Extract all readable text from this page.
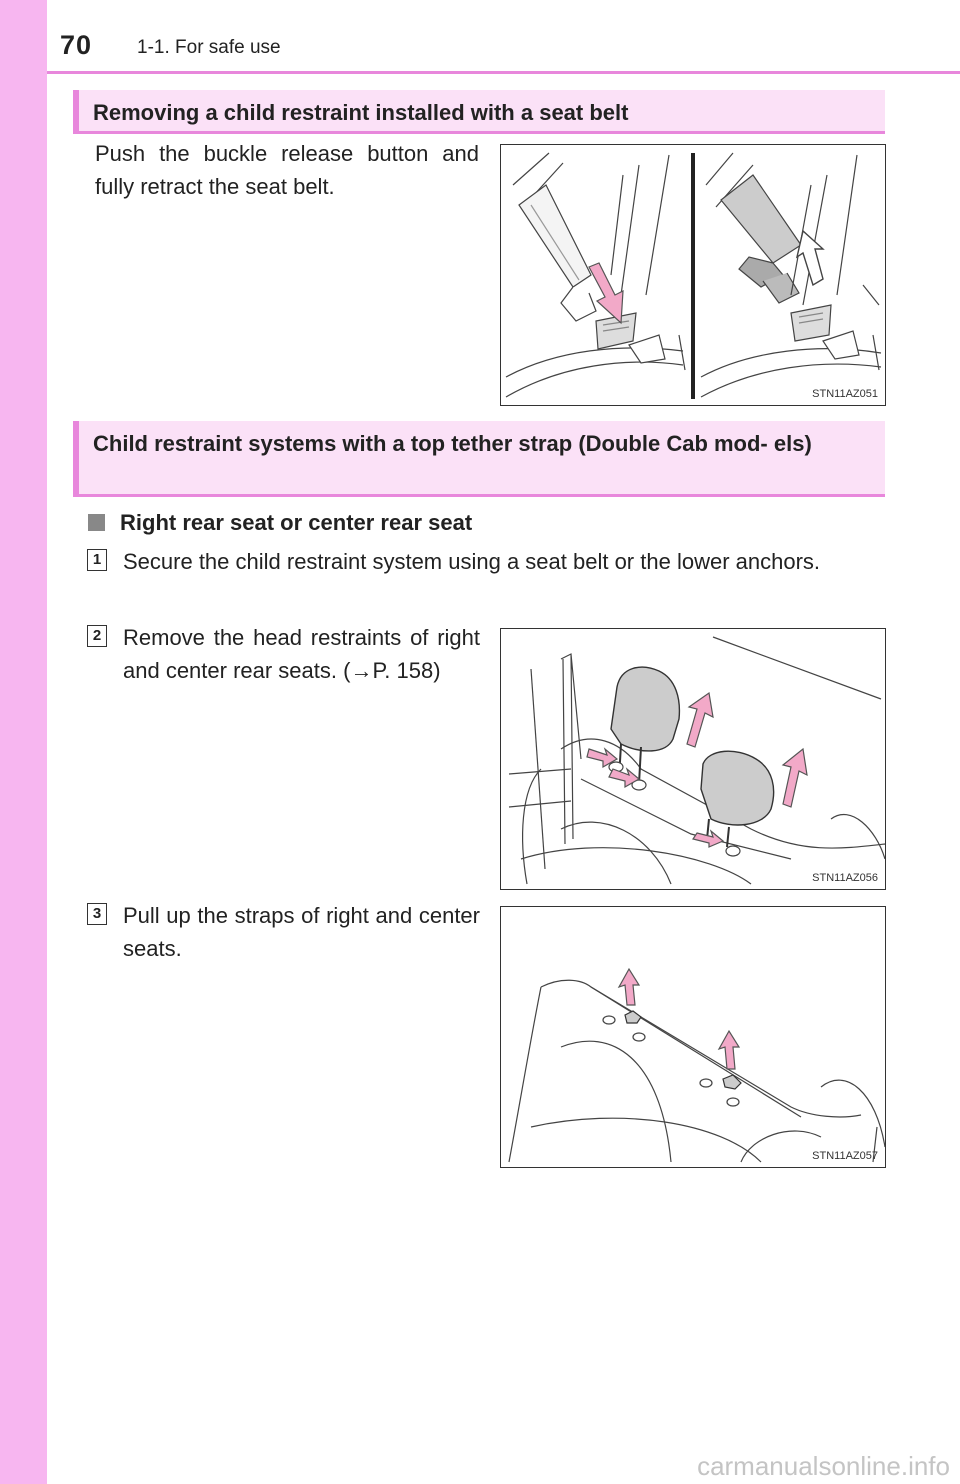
70 1-1. For safe use
Removing a child restraint installed with a seat belt
Push the buckle release button and fully retract the seat belt.
STN11AZ051
Child restraint systems with a top tether strap (Double Cab mod- els)
Right rear seat or center rear seat
1 Secure the child restraint system using a seat belt or the lower anchors.
2 Remove the head restraints of right and center rear seats. (→P. 158)
STN11AZ056
3 Pull up the straps of right and center seats.
STN11AZ057
carmanualsonline.info
